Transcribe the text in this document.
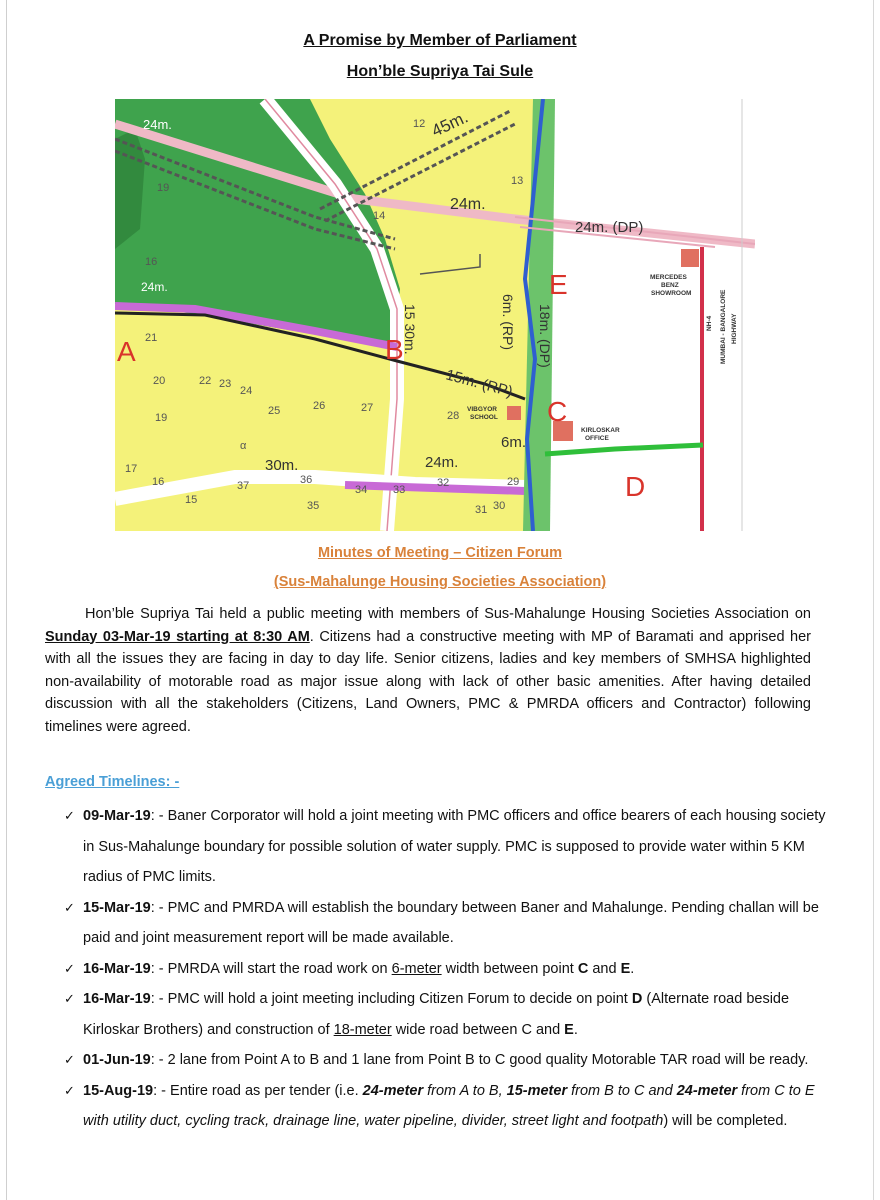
A Promise by Member of Parliament
Hon’ble Supriya Tai Sule
A	B
C
D
E
24m.	45m.
24m.
24m. (DP)
24m.
15 30m.	6m. (RP) 18m. (DP)
15m. (RP)
6m.
30m.	24m.
12
13
14
16
19
21
20	22 23
24
19
25	26	27
28
17
16
15
37	36
35
34 33
32	29
31 30
α
MERCEDES
BENZ
SHOWROOM
VIBGYOR
SCHOOL
KIRLOSKAR
OFFICE
NH-4 MUMBAI - BANGALORE HIGHWAY
Minutes of Meeting – Citizen Forum
(Sus-Mahalunge Housing Societies Association)
Hon’ble Supriya Tai held a public meeting with members of Sus-Mahalunge Housing Societies Association on Sunday 03-Mar-19 starting at 8:30 AM. Citizens had a constructive meeting with MP of Baramati and apprised her with all the issues they are facing in day to day life. Senior citizens, ladies and key members of SMHSA highlighted non-availability of motorable road as major issue along with lack of other basic amenities. After having detailed discussion with all the stakeholders (Citizens, Land Owners, PMC & PMRDA officers and Contractor) following timelines were agreed.
Agreed Timelines: -

✓ 09-Mar-19: - Baner Corporator will hold a joint meeting with PMC officers and office bearers of each housing society in Sus-Mahalunge boundary for possible solution of water supply. PMC is supposed to provide water within 5 KM radius of PMC limits.

✓ 15-Mar-19: - PMC and PMRDA will establish the boundary between Baner and Mahalunge. Pending challan will be paid and joint measurement report will be made available.

✓ 16-Mar-19: - PMRDA will start the road work on 6-meter width between point C and E.

✓ 16-Mar-19: - PMC will hold a joint meeting including Citizen Forum to decide on point D (Alternate road beside Kirloskar Brothers) and construction of 18-meter wide road between C and E.

✓ 01-Jun-19: - 2 lane from Point A to B and 1 lane from Point B to C good quality Motorable TAR road will be ready.

✓ 15-Aug-19: - Entire road as per tender (i.e. 24-meter from A to B, 15-meter from B to C and 24-meter from C to E with utility duct, cycling track, drainage line, water pipeline, divider, street light and footpath) will be completed.
